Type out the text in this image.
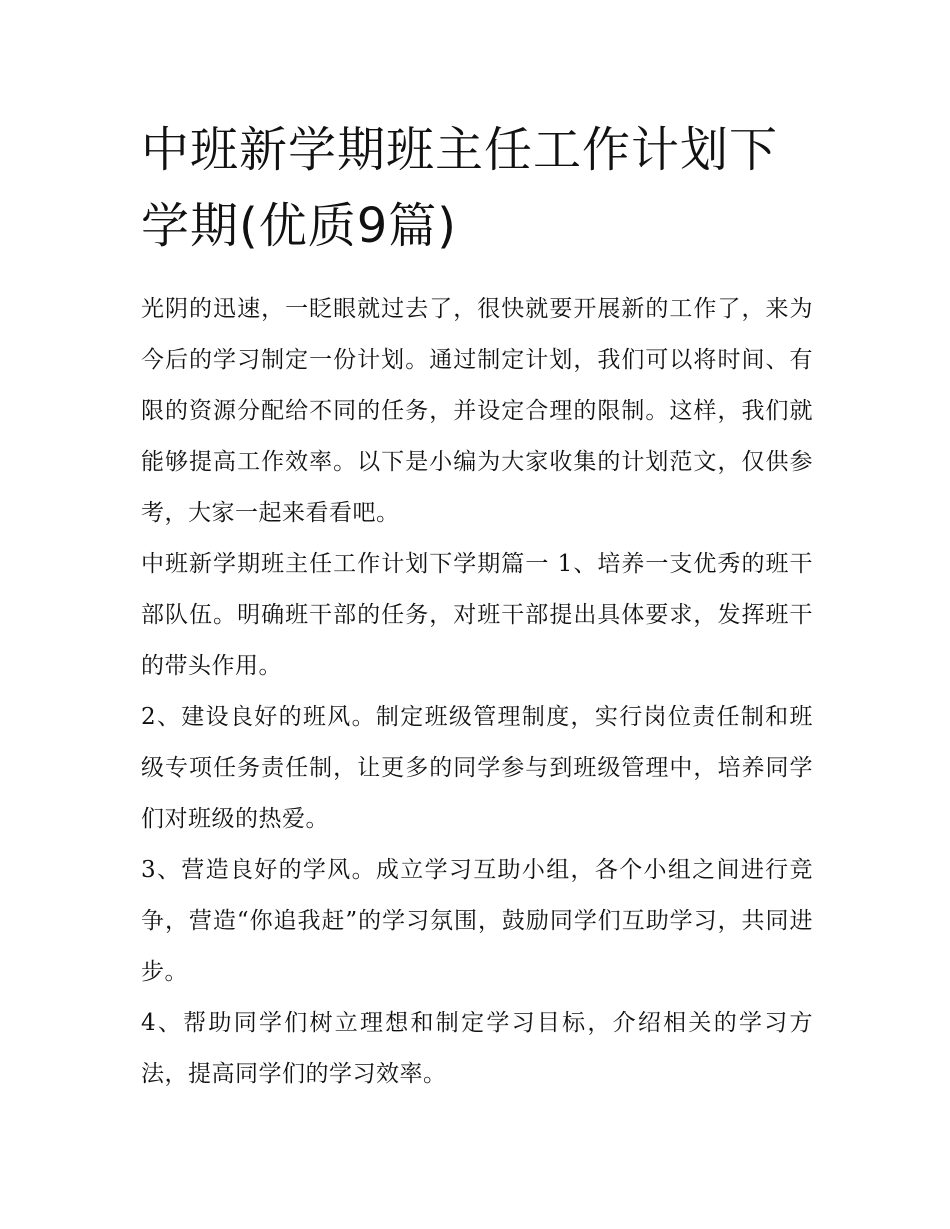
中班新学期班主任工作计划下学期(优质9篇)

光阴的迅速，一眨眼就过去了，很快就要开展新的工作了，来为今后的学习制定一份计划。通过制定计划，我们可以将时间、有限的资源分配给不同的任务，并设定合理的限制。这样，我们就能够提高工作效率。以下是小编为大家收集的计划范文，仅供参考，大家一起来看看吧。

中班新学期班主任工作计划下学期篇一 1、培养一支优秀的班干部队伍。明确班干部的任务，对班干部提出具体要求，发挥班干的带头作用。

2、建设良好的班风。制定班级管理制度，实行岗位责任制和班级专项任务责任制，让更多的同学参与到班级管理中，培养同学们对班级的热爱。

3、营造良好的学风。成立学习互助小组，各个小组之间进行竞争，营造“你追我赶”的学习氛围，鼓励同学们互助学习，共同进步。

4、帮助同学们树立理想和制定学习目标，介绍相关的学习方法，提高同学们的学习效率。
